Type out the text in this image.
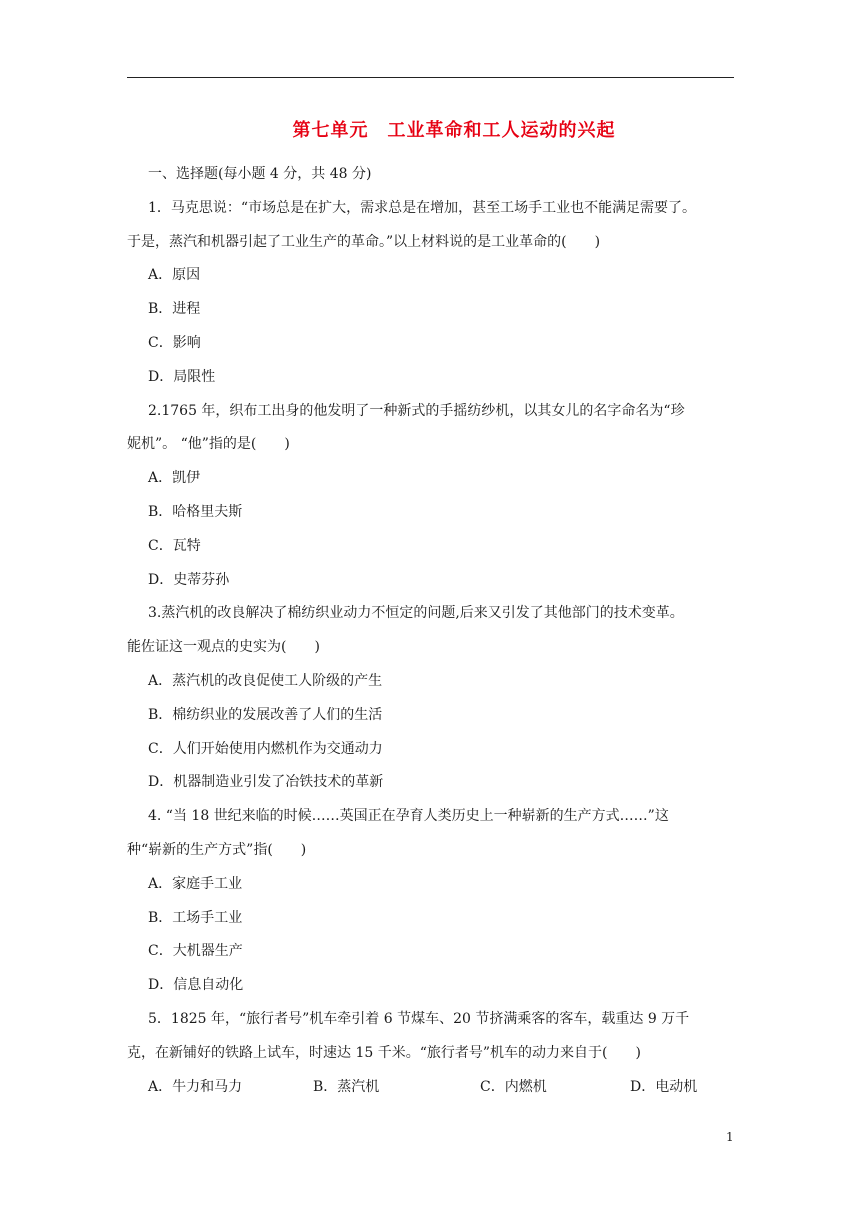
第七单元　工业革命和工人运动的兴起
一、选择题(每小题 4 分，共 48 分)
1．马克思说：“市场总是在扩大，需求总是在增加，甚至工场手工业也不能满足需要了。
于是，蒸汽和机器引起了工业生产的革命。”以上材料说的是工业革命的(　　)
A．原因
B．进程
C．影响
D．局限性
2.1765 年，织布工出身的他发明了一种新式的手摇纺纱机，以其女儿的名字命名为“珍
妮机”。 “他”指的是(　　)
A．凯伊
B．哈格里夫斯
C．瓦特
D．史蒂芬孙
3.蒸汽机的改良解决了棉纺织业动力不恒定的问题,后来又引发了其他部门的技术变革。
能佐证这一观点的史实为(　　)
A．蒸汽机的改良促使工人阶级的产生
B．棉纺织业的发展改善了人们的生活
C．人们开始使用内燃机作为交通动力
D．机器制造业引发了冶铁技术的革新
4. “当 18 世纪来临的时候……英国正在孕育人类历史上一种崭新的生产方式……”这
种“崭新的生产方式”指(　　)
A．家庭手工业
B．工场手工业
C．大机器生产
D．信息自动化
5．1825 年，“旅行者号”机车牵引着 6 节煤车、20 节挤满乘客的客车，载重达 9 万千
克，在新铺好的铁路上试车，时速达 15 千米。“旅行者号”机车的动力来自于(　　)
A．牛力和马力	B．蒸汽机	C．内燃机	D．电动机
1
